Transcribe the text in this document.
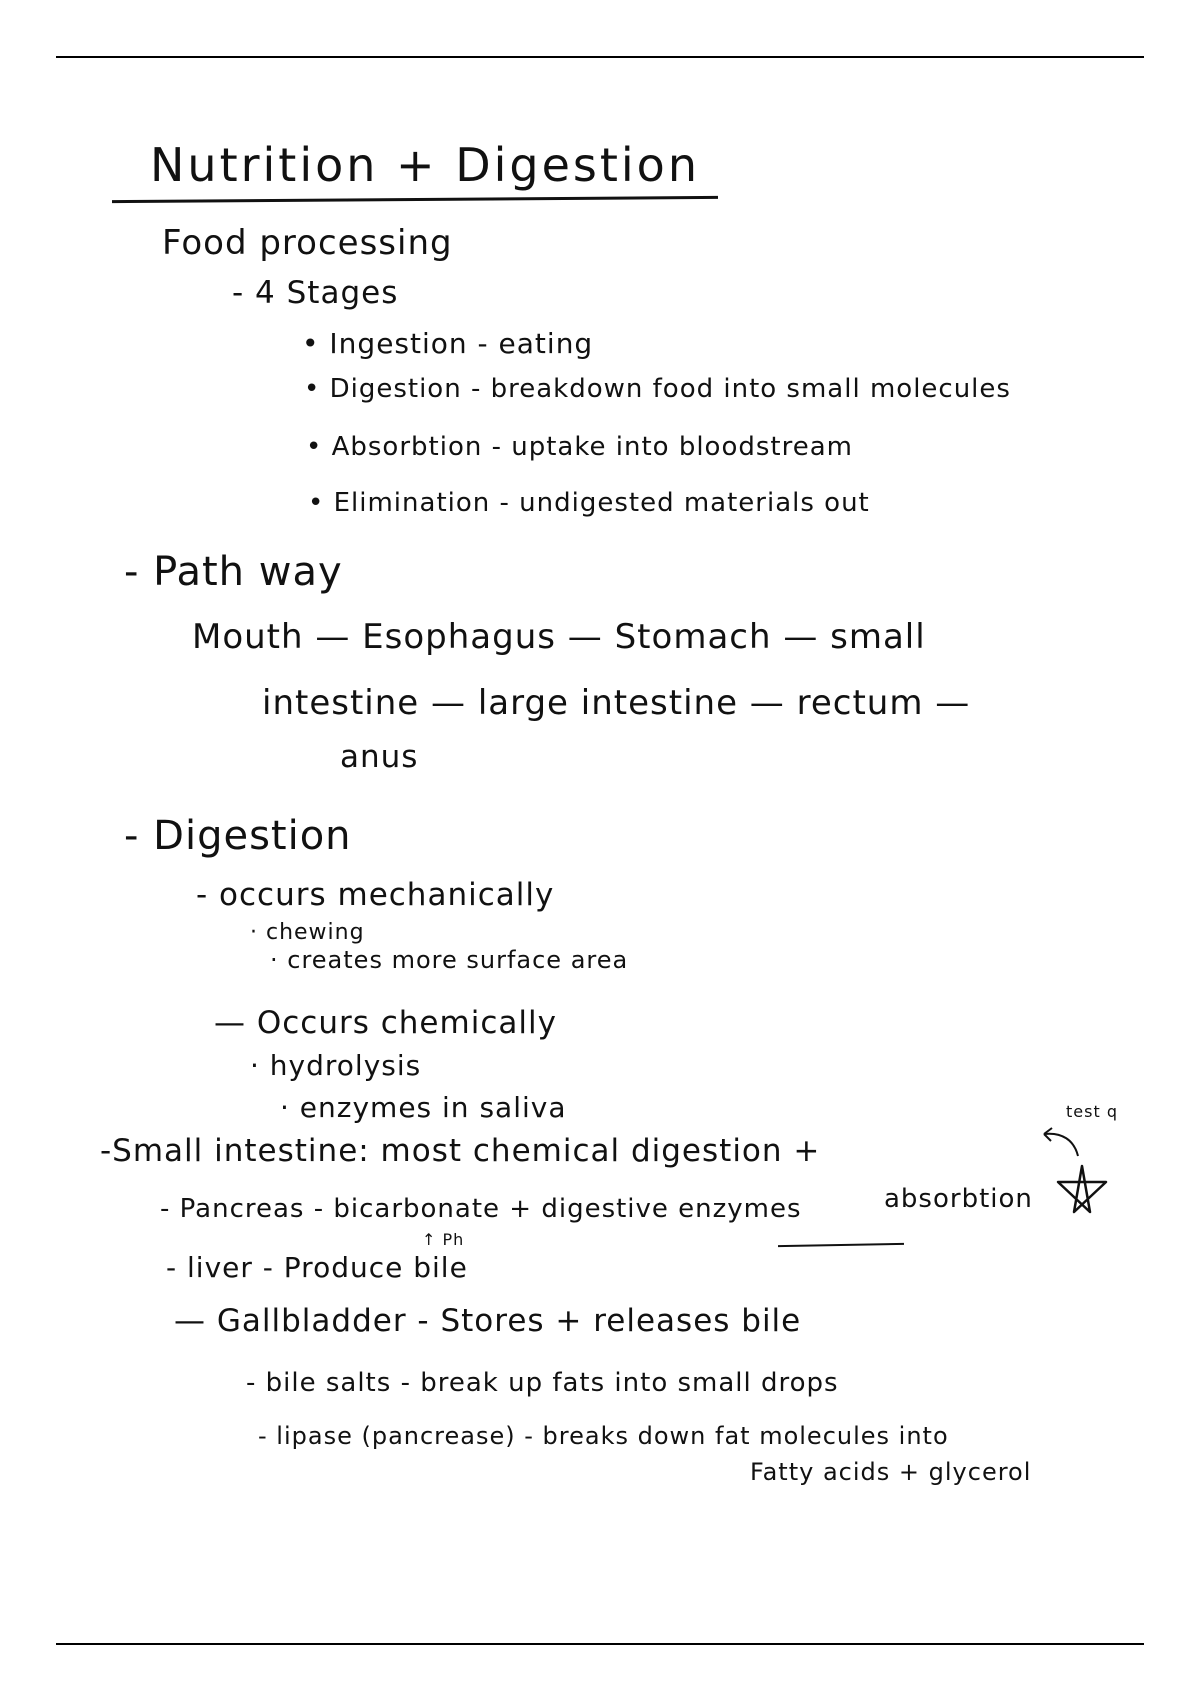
Nutrition + Digestion
Food processing
- 4 Stages
• Ingestion - eating
• Digestion - breakdown food into small molecules
• Absorbtion - uptake into bloodstream
• Elimination - undigested materials out
- Path way
Mouth — Esophagus — Stomach — small
intestine — large intestine — rectum —
anus
- Digestion
- occurs mechanically
· chewing
· creates more surface area
— Occurs chemically
· hydrolysis
· enzymes in saliva
-Small intestine: most chemical digestion +
test q
absorbtion
- Pancreas - bicarbonate + digestive enzymes
↑ Ph
- liver - Produce bile
— Gallbladder - Stores + releases bile
- bile salts - break up fats into small drops
- lipase (pancrease) - breaks down fat molecules into
Fatty acids + glycerol
